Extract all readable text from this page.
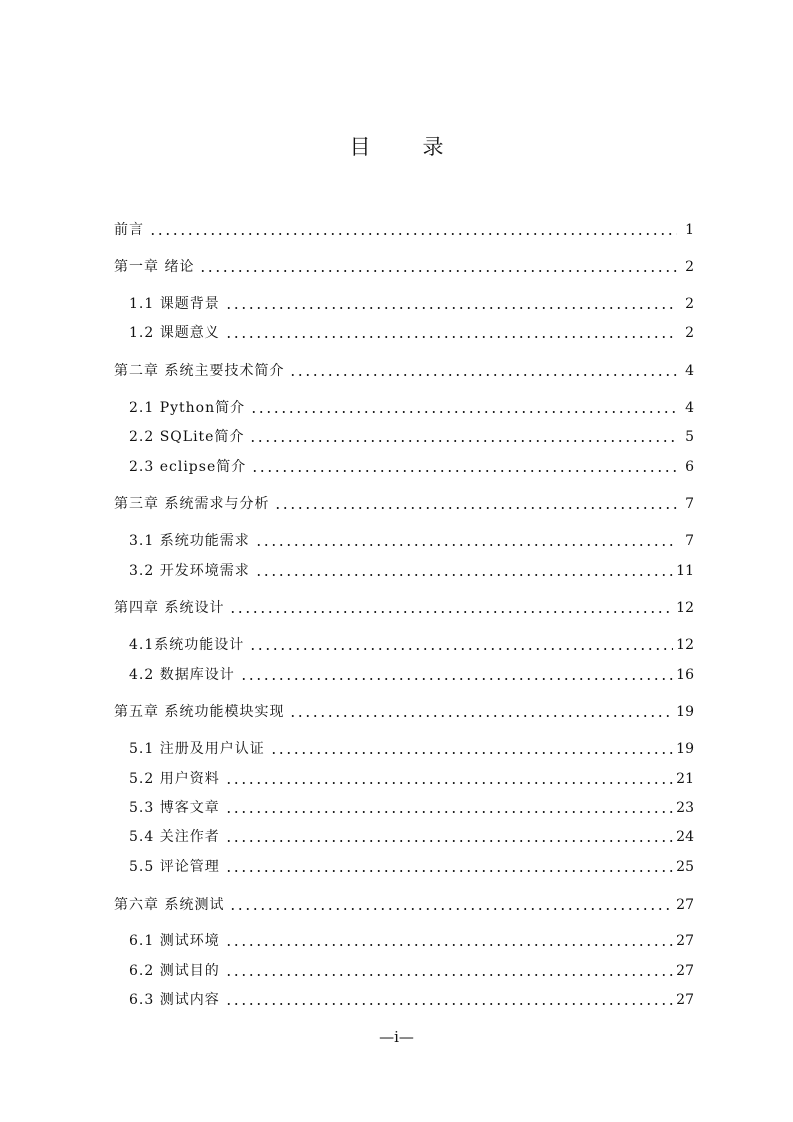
目录
前言	1
第一章 绪论	2
1.1 课题背景	2
1.2 课题意义	2
第二章 系统主要技术简介	4
2.1 Python简介	4
2.2 SQLite简介	5
2.3 eclipse简介	6
第三章 系统需求与分析	7
3.1 系统功能需求	7
3.2 开发环境需求	11
第四章 系统设计	12
4.1系统功能设计	12
4.2 数据库设计	16
第五章 系统功能模块实现	19
5.1 注册及用户认证	19
5.2 用户资料	21
5.3 博客文章	23
5.4 关注作者	24
5.5 评论管理	25
第六章 系统测试	27
6.1 测试环境	27
6.2 测试目的	27
6.3 测试内容	27
—i—
